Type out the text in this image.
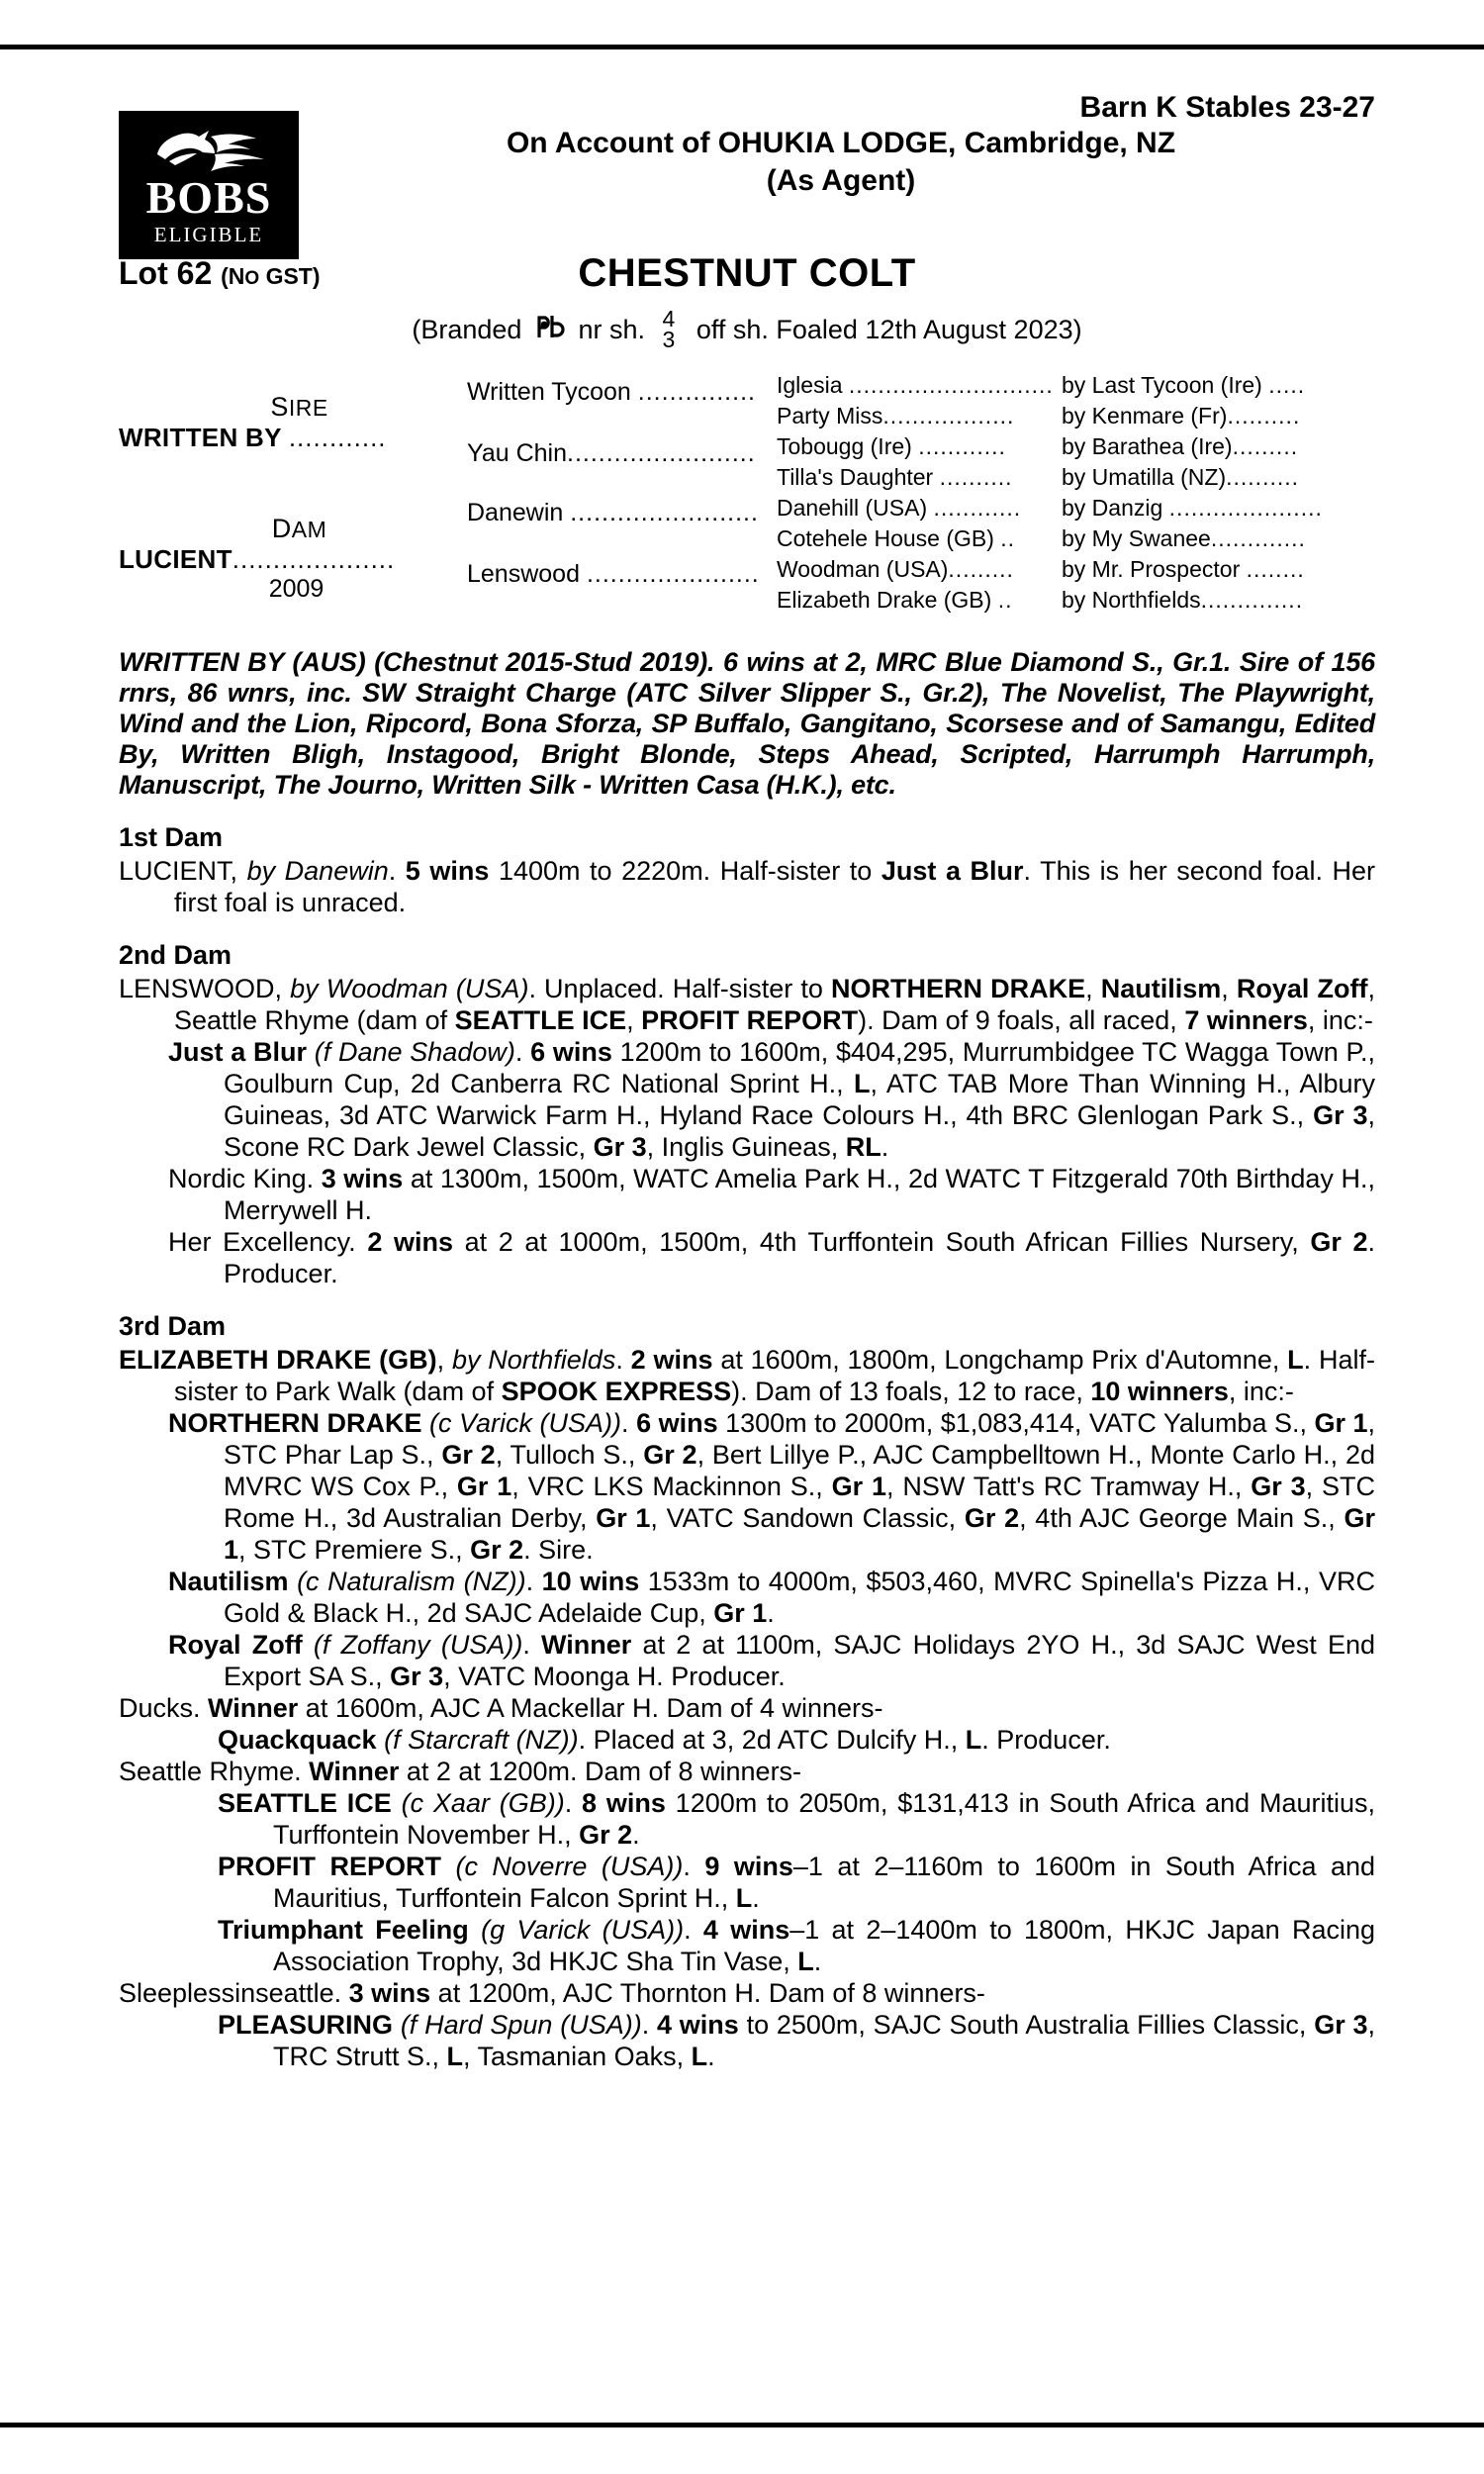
BOBS
ELIGIBLE
Barn K Stables 23-27
On Account of OHUKIA LODGE, Cambridge, NZ
(As Agent)
Lot 62 (NO GST)	CHESTNUT COLT
(Branded nr sh. 4
3 off sh. Foaled 12th August 2023)
SIRE
WRITTEN BY ............
DAM
LUCIENT....................
2009
Written Tycoon ...............
Yau Chin........................
Danewin ........................
Lenswood ......................
Iglesia ............................
Party Miss..................
Tobougg (Ire) ............
Tilla's Daughter ..........
Danehill (USA) ............
Cotehele House (GB) ..
Woodman (USA).........
Elizabeth Drake (GB) ..
by Last Tycoon (Ire) .....
by Kenmare (Fr)..........
by Barathea (Ire).........
by Umatilla (NZ)..........
by Danzig .....................
by My Swanee.............
by Mr. Prospector ........
by Northfields..............
WRITTEN BY (AUS) (Chestnut 2015-Stud 2019). 6 wins at 2, MRC Blue Diamond S., Gr.1. Sire of 156 rnrs, 86 wnrs, inc. SW Straight Charge (ATC Silver Slipper S., Gr.2), The Novelist, The Playwright, Wind and the Lion, Ripcord, Bona Sforza, SP Buffalo, Gangitano, Scorsese and of Samangu, Edited By, Written Bligh, Instagood, Bright Blonde, Steps Ahead, Scripted, Harrumph Harrumph, Manuscript, The Journo, Written Silk - Written Casa (H.K.), etc.
1st Dam
LUCIENT, by Danewin. 5 wins 1400m to 2220m. Half-sister to Just a Blur. This is her second foal. Her first foal is unraced.
2nd Dam
LENSWOOD, by Woodman (USA). Unplaced. Half-sister to NORTHERN DRAKE, Nautilism, Royal Zoff, Seattle Rhyme (dam of SEATTLE ICE, PROFIT REPORT). Dam of 9 foals, all raced, 7 winners, inc:-
Just a Blur (f Dane Shadow). 6 wins 1200m to 1600m, $404,295, Murrumbidgee TC Wagga Town P., Goulburn Cup, 2d Canberra RC National Sprint H., L, ATC TAB More Than Winning H., Albury Guineas, 3d ATC Warwick Farm H., Hyland Race Colours H., 4th BRC Glenlogan Park S., Gr 3, Scone RC Dark Jewel Classic, Gr 3, Inglis Guineas, RL.
Nordic King. 3 wins at 1300m, 1500m, WATC Amelia Park H., 2d WATC T Fitzgerald 70th Birthday H., Merrywell H.
Her Excellency. 2 wins at 2 at 1000m, 1500m, 4th Turffontein South African Fillies Nursery, Gr 2. Producer.
3rd Dam
ELIZABETH DRAKE (GB), by Northfields. 2 wins at 1600m, 1800m, Longchamp Prix d'Automne, L. Half-sister to Park Walk (dam of SPOOK EXPRESS). Dam of 13 foals, 12 to race, 10 winners, inc:-
NORTHERN DRAKE (c Varick (USA)). 6 wins 1300m to 2000m, $1,083,414, VATC Yalumba S., Gr 1, STC Phar Lap S., Gr 2, Tulloch S., Gr 2, Bert Lillye P., AJC Campbelltown H., Monte Carlo H., 2d MVRC WS Cox P., Gr 1, VRC LKS Mackinnon S., Gr 1, NSW Tatt's RC Tramway H., Gr 3, STC Rome H., 3d Australian Derby, Gr 1, VATC Sandown Classic, Gr 2, 4th AJC George Main S., Gr 1, STC Premiere S., Gr 2. Sire.
Nautilism (c Naturalism (NZ)). 10 wins 1533m to 4000m, $503,460, MVRC Spinella's Pizza H., VRC Gold & Black H., 2d SAJC Adelaide Cup, Gr 1.
Royal Zoff (f Zoffany (USA)). Winner at 2 at 1100m, SAJC Holidays 2YO H., 3d SAJC West End Export SA S., Gr 3, VATC Moonga H. Producer.
Ducks. Winner at 1600m, AJC A Mackellar H. Dam of 4 winners-
Quackquack (f Starcraft (NZ)). Placed at 3, 2d ATC Dulcify H., L. Producer.
Seattle Rhyme. Winner at 2 at 1200m. Dam of 8 winners-
SEATTLE ICE (c Xaar (GB)). 8 wins 1200m to 2050m, $131,413 in South Africa and Mauritius, Turffontein November H., Gr 2.
PROFIT REPORT (c Noverre (USA)). 9 wins–1 at 2–1160m to 1600m in South Africa and Mauritius, Turffontein Falcon Sprint H., L.
Triumphant Feeling (g Varick (USA)). 4 wins–1 at 2–1400m to 1800m, HKJC Japan Racing Association Trophy, 3d HKJC Sha Tin Vase, L.
Sleeplessinseattle. 3 wins at 1200m, AJC Thornton H. Dam of 8 winners-
PLEASURING (f Hard Spun (USA)). 4 wins to 2500m, SAJC South Australia Fillies Classic, Gr 3, TRC Strutt S., L, Tasmanian Oaks, L.
